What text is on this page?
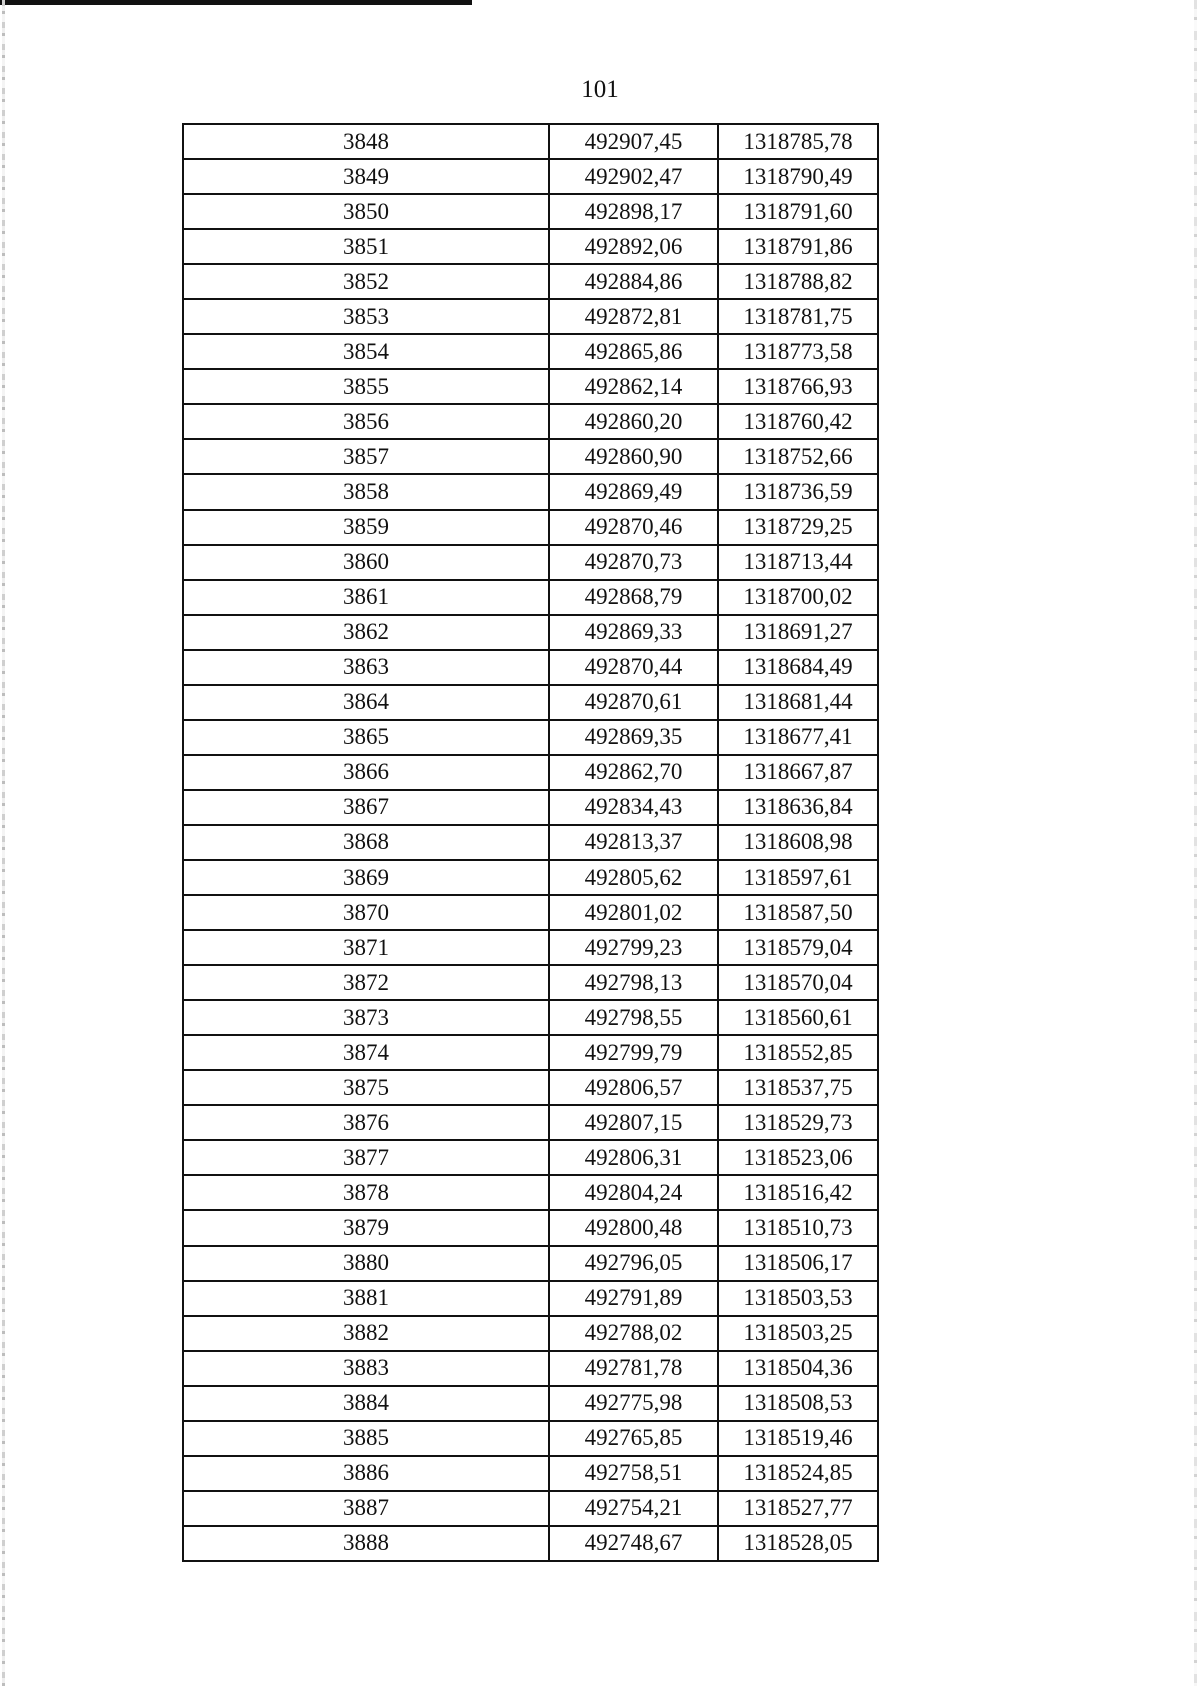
101
3848	492907,45	1318785,78
3849	492902,47	1318790,49
3850	492898,17	1318791,60
3851	492892,06	1318791,86
3852	492884,86	1318788,82
3853	492872,81	1318781,75
3854	492865,86	1318773,58
3855	492862,14	1318766,93
3856	492860,20	1318760,42
3857	492860,90	1318752,66
3858	492869,49	1318736,59
3859	492870,46	1318729,25
3860	492870,73	1318713,44
3861	492868,79	1318700,02
3862	492869,33	1318691,27
3863	492870,44	1318684,49
3864	492870,61	1318681,44
3865	492869,35	1318677,41
3866	492862,70	1318667,87
3867	492834,43	1318636,84
3868	492813,37	1318608,98
3869	492805,62	1318597,61
3870	492801,02	1318587,50
3871	492799,23	1318579,04
3872	492798,13	1318570,04
3873	492798,55	1318560,61
3874	492799,79	1318552,85
3875	492806,57	1318537,75
3876	492807,15	1318529,73
3877	492806,31	1318523,06
3878	492804,24	1318516,42
3879	492800,48	1318510,73
3880	492796,05	1318506,17
3881	492791,89	1318503,53
3882	492788,02	1318503,25
3883	492781,78	1318504,36
3884	492775,98	1318508,53
3885	492765,85	1318519,46
3886	492758,51	1318524,85
3887	492754,21	1318527,77
3888	492748,67	1318528,05
